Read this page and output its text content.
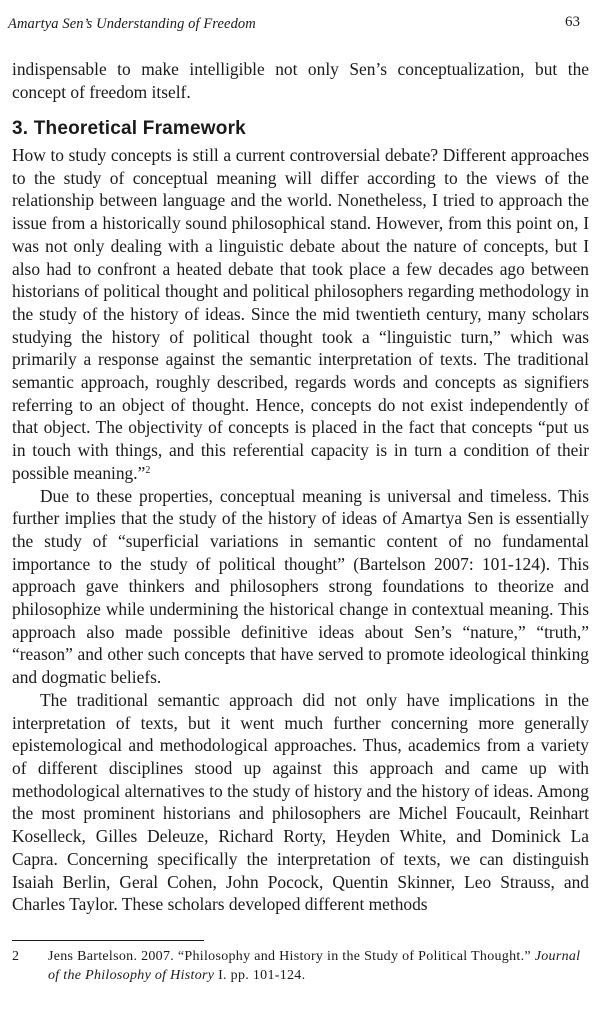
Amartya Sen’s Understanding of Freedom	63

indispensable to make intelligible not only Sen’s conceptualization, but the concept of freedom itself.

3. Theoretical Framework

How to study concepts is still a current controversial debate? Different approaches to the study of conceptual meaning will differ according to the views of the relationship between language and the world. Nonetheless, I tried to approach the issue from a historically sound philosophical stand. However, from this point on, I was not only dealing with a linguistic debate about the nature of concepts, but I also had to confront a heated debate that took place a few decades ago between historians of political thought and political philosophers regarding methodology in the study of the history of ideas. Since the mid twentieth century, many scholars studying the history of political thought took a “linguistic turn,” which was primarily a response against the semantic interpretation of texts. The traditional semantic approach, roughly described, regards words and concepts as signifiers referring to an object of thought. Hence, concepts do not exist independently of that object. The objectivity of concepts is placed in the fact that concepts “put us in touch with things, and this referential capacity is in turn a condition of their possible meaning.”$^2$

Due to these properties, conceptual meaning is universal and timeless. This further implies that the study of the history of ideas of Amartya Sen is essentially the study of “superficial variations in semantic content of no fundamental importance to the study of political thought” (Bartelson 2007: 101-124). This approach gave thinkers and philosophers strong foundations to theorize and philosophize while undermining the historical change in contextual meaning. This approach also made possible definitive ideas about Sen’s “nature,” “truth,” “reason” and other such concepts that have served to promote ideological thinking and dogmatic beliefs.

The traditional semantic approach did not only have implications in the interpretation of texts, but it went much further concerning more generally epistemological and methodological approaches. Thus, academics from a variety of different disciplines stood up against this approach and came up with methodological alternatives to the study of history and the history of ideas. Among the most prominent historians and philosophers are Michel Foucault, Reinhart Koselleck, Gilles Deleuze, Richard Rorty, Heyden White, and Dominick La Capra. Concerning specifically the interpretation of texts, we can distinguish Isaiah Berlin, Geral Cohen, John Pocock, Quentin Skinner, Leo Strauss, and Charles Taylor. These scholars developed different methods

2 Jens Bartelson. 2007. “Philosophy and History in the Study of Political Thought.” Journal of the Philosophy of History I. pp. 101-124.
